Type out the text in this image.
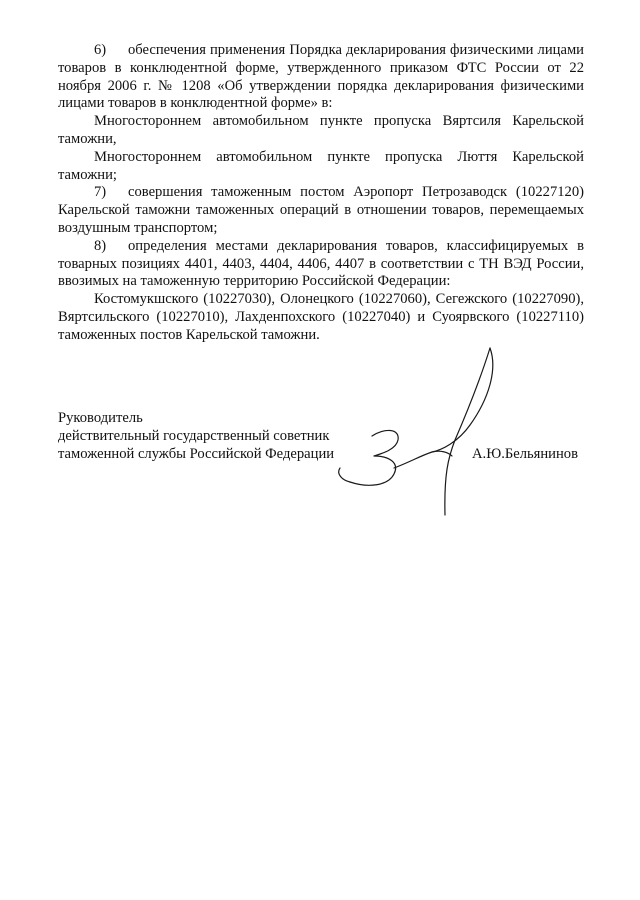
6) обеспечения применения Порядка декларирования физическими лицами товаров в конклюдентной форме, утвержденного приказом ФТС России от 22 ноября 2006 г. № 1208 «Об утверждении порядка декларирования физическими лицами товаров в конклюдентной форме» в:

Многостороннем автомобильном пункте пропуска Вяртсиля Карельской таможни,

Многостороннем автомобильном пункте пропуска Люття Карельской таможни;

7) совершения таможенным постом Аэропорт Петрозаводск (10227120) Карельской таможни таможенных операций в отношении товаров, перемещаемых воздушным транспортом;

8) определения местами декларирования товаров, классифицируемых в товарных позициях 4401, 4403, 4404, 4406, 4407 в соответствии с ТН ВЭД России, ввозимых на таможенную территорию Российской Федерации:

Костомукшского (10227030), Олонецкого (10227060), Сегежского (10227090), Вяртсильского (10227010), Лахденпохского (10227040) и Суоярвского (10227110) таможенных постов Карельской таможни.

Руководитель
действительный государственный советник
таможенной службы Российской Федерации	А.Ю.Бельянинов
